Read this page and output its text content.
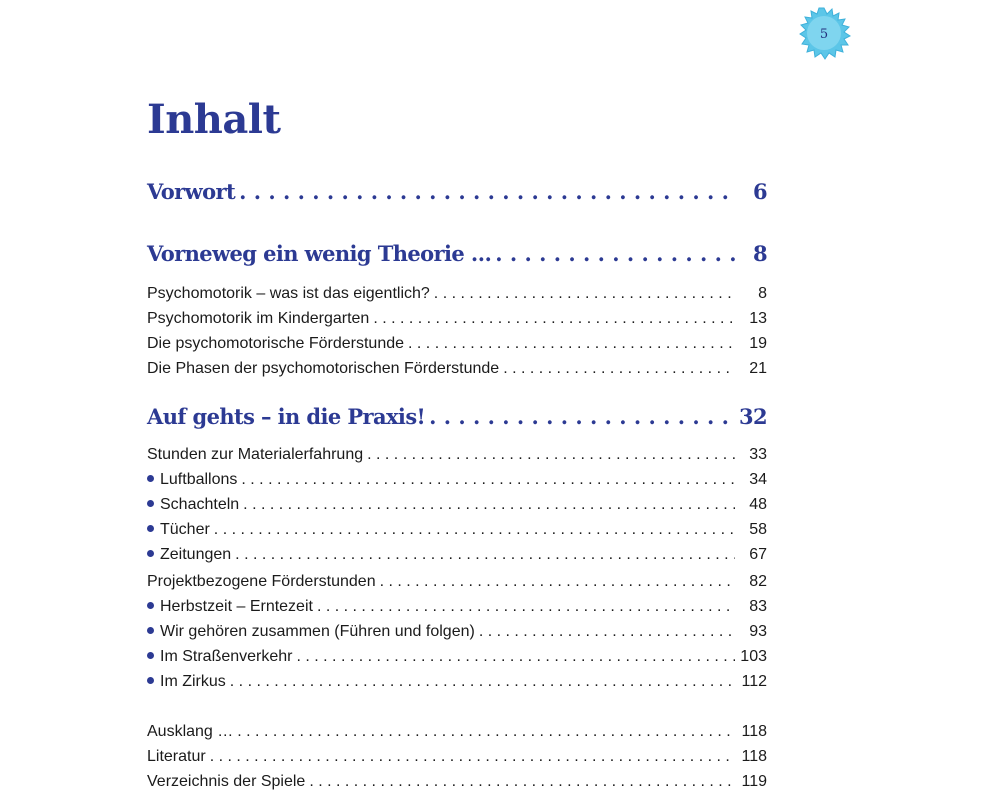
5
Inhalt
Vorwort . . .	6
Vorneweg ein wenig Theorie … . . .	8
Psychomotorik – was ist das eigentlich? . . .	8
Psychomotorik im Kindergarten . . .	13
Die psychomotorische Förderstunde . . .	19
Die Phasen der psychomotorischen Förderstunde . . .	21
Auf gehts – in die Praxis! . . .	32
Stunden zur Materialerfahrung . . .	33
Luftballons . . .	34
Schachteln . . .	48
Tücher . . .	58
Zeitungen . . .	67
Projektbezogene Förderstunden . . .	82
Herbstzeit – Erntezeit . . .	83
Wir gehören zusammen (Führen und folgen) . . .	93
Im Straßenverkehr . . .	103
Im Zirkus . . .	112
Ausklang … . . .	118
Literatur . . .	118
Verzeichnis der Spiele . . .	119
